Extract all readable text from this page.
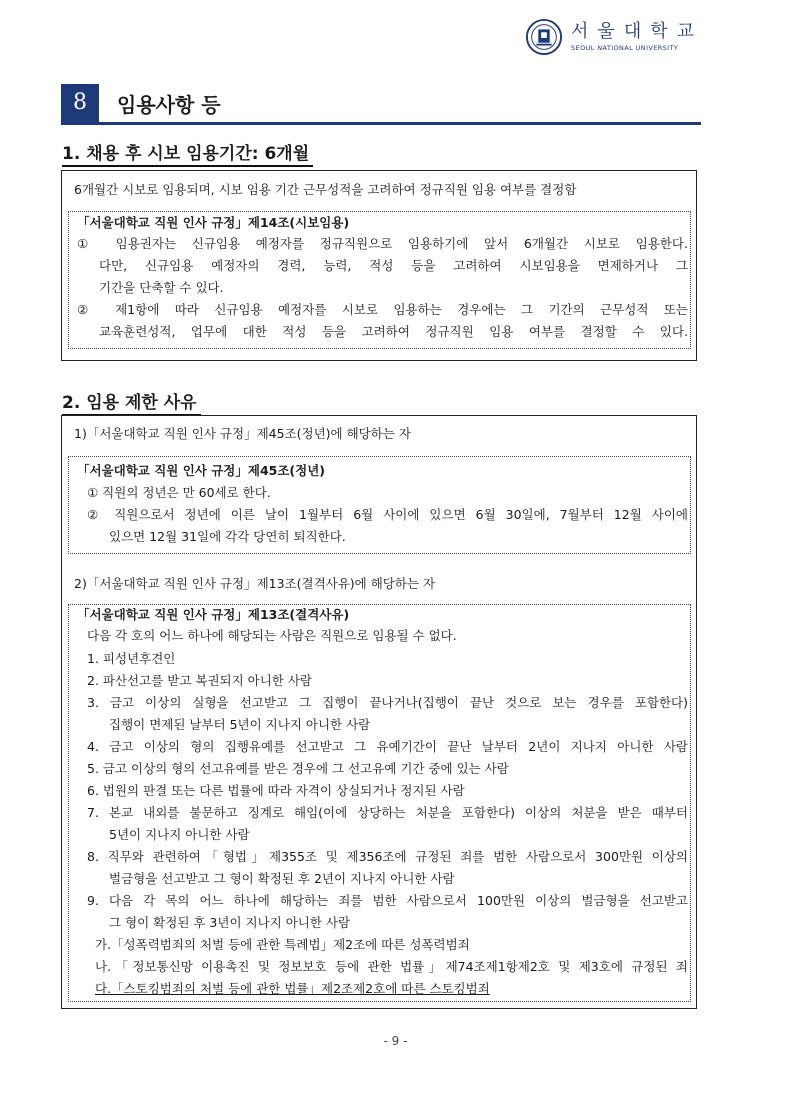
서울대학교
SEOUL NATIONAL UNIVERSITY
8	임용사항 등
1. 채용 후 시보 임용기간: 6개월
6개월간 시보로 임용되며, 시보 임용 기간 근무성적을 고려하여 정규직원 임용 여부를 결정함
「서울대학교 직원 인사 규정」제14조(시보임용)
① 임용권자는 신규임용 예정자를 정규직원으로 임용하기에 앞서 6개월간 시보로 임용한다.
다만, 신규임용 예정자의 경력, 능력, 적성 등을 고려하여 시보임용을 면제하거나 그
기간을 단축할 수 있다.
② 제1항에 따라 신규임용 예정자를 시보로 임용하는 경우에는 그 기간의 근무성적 또는
교육훈련성적, 업무에 대한 적성 등을 고려하여 정규직원 임용 여부를 결정할 수 있다.
2. 임용 제한 사유
1)「서울대학교 직원 인사 규정」제45조(정년)에 해당하는 자
「서울대학교 직원 인사 규정」제45조(정년)
① 직원의 정년은 만 60세로 한다.
② 직원으로서 정년에 이른 날이 1월부터 6월 사이에 있으면 6월 30일에, 7월부터 12월 사이에
있으면 12월 31일에 각각 당연히 퇴직한다.
2)「서울대학교 직원 인사 규정」제13조(결격사유)에 해당하는 자
「서울대학교 직원 인사 규정」제13조(결격사유)
다음 각 호의 어느 하나에 해당되는 사람은 직원으로 임용될 수 없다.
1. 피성년후견인
2. 파산선고를 받고 복권되지 아니한 사람
3. 금고 이상의 실형을 선고받고 그 집행이 끝나거나(집행이 끝난 것으로 보는 경우를 포함한다)
집행이 면제된 날부터 5년이 지나지 아니한 사람
4. 금고 이상의 형의 집행유예를 선고받고 그 유예기간이 끝난 날부터 2년이 지나지 아니한 사람
5. 금고 이상의 형의 선고유예를 받은 경우에 그 선고유예 기간 중에 있는 사람
6. 법원의 판결 또는 다른 법률에 따라 자격이 상실되거나 정지된 사람
7. 본교 내외를 불문하고 징계로 해임(이에 상당하는 처분을 포함한다) 이상의 처분을 받은 때부터
5년이 지나지 아니한 사람
8. 직무와 관련하여「형법」제355조 및 제356조에 규정된 죄를 범한 사람으로서 300만원 이상의
벌금형을 선고받고 그 형이 확정된 후 2년이 지나지 아니한 사람
9. 다음 각 목의 어느 하나에 해당하는 죄를 범한 사람으로서 100만원 이상의 벌금형을 선고받고
그 형이 확정된 후 3년이 지나지 아니한 사람
가.「성폭력범죄의 처벌 등에 관한 특례법」제2조에 따른 성폭력범죄
나.「정보통신망 이용촉진 및 정보보호 등에 관한 법률」제74조제1항제2호 및 제3호에 규정된 죄
다.「스토킹범죄의 처벌 등에 관한 법률」제2조제2호에 따른 스토킹범죄
- 9 -
